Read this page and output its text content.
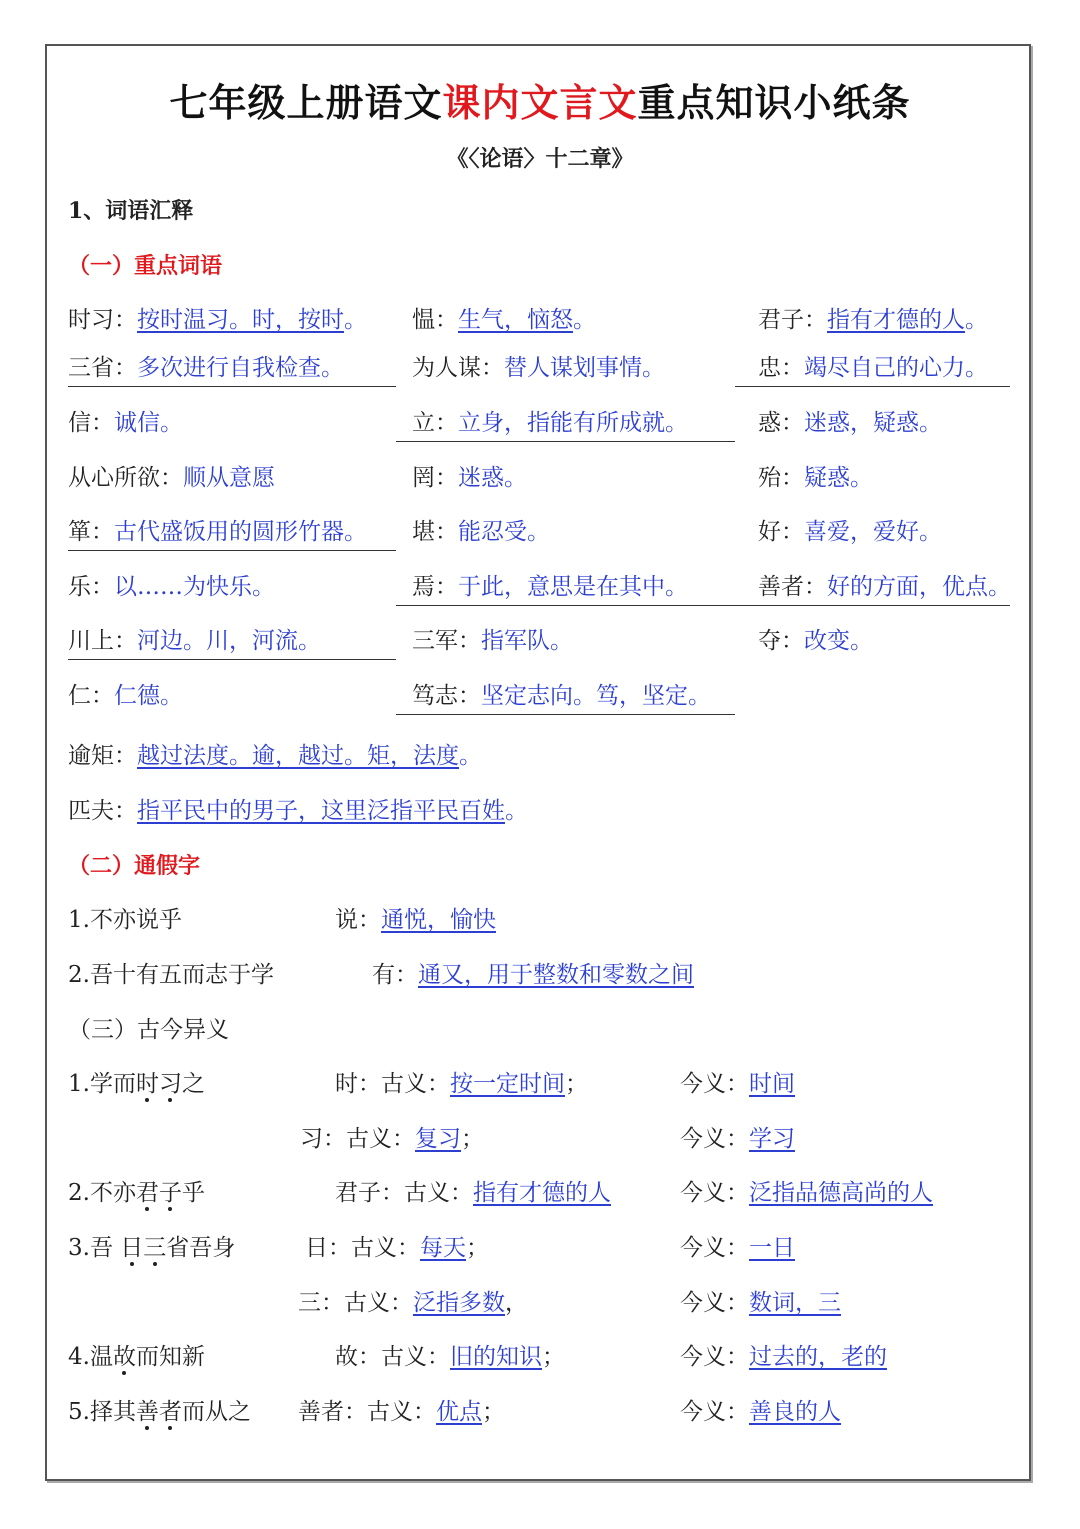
七年级上册语文课内文言文重点知识小纸条
《〈论语〉十二章》
1、词语汇释
（一）重点词语
时习：按时温习。时，按时。 愠：生气，恼怒。	君子：指有才德的人。
三省：多次进行自我检查。	为人谋：替人谋划事情。	忠：竭尽自己的心力。
信：诚信。	立：立身，指能有所成就。	惑：迷惑，疑惑。
从心所欲：顺从意愿	罔：迷惑。	殆：疑惑。
箪：古代盛饭用的圆形竹器。	堪：能忍受。	好：喜爱，爱好。
乐：以……为快乐。	焉：于此，意思是在其中。	善者：好的方面，优点。
川上：河边。川，河流。	三军：指军队。	夺：改变。
仁：仁德。	笃志：坚定志向。笃，坚定。
逾矩：越过法度。逾，越过。矩，法度。
匹夫：指平民中的男子，这里泛指平民百姓。
（二）通假字
1.不亦说乎	说：通悦，愉快
2.吾十有五而志于学	有：通又，用于整数和零数之间
（三）古今异义
1.学而时习之	时：古义：按一定时间；	今义：时间
习：古义：复习；	今义：学习
2.不亦君子乎	君子：古义：指有才德的人	今义：泛指品德高尚的人
3.吾 日三省吾身	日：古义：每天；	今义：一日
三：古义：泛指多数，	今义：数词，三
4.温故而知新	故：古义：旧的知识；	今义：过去的，老的
5.择其善者而从之 善者：古义：优点；	今义：善良的人
